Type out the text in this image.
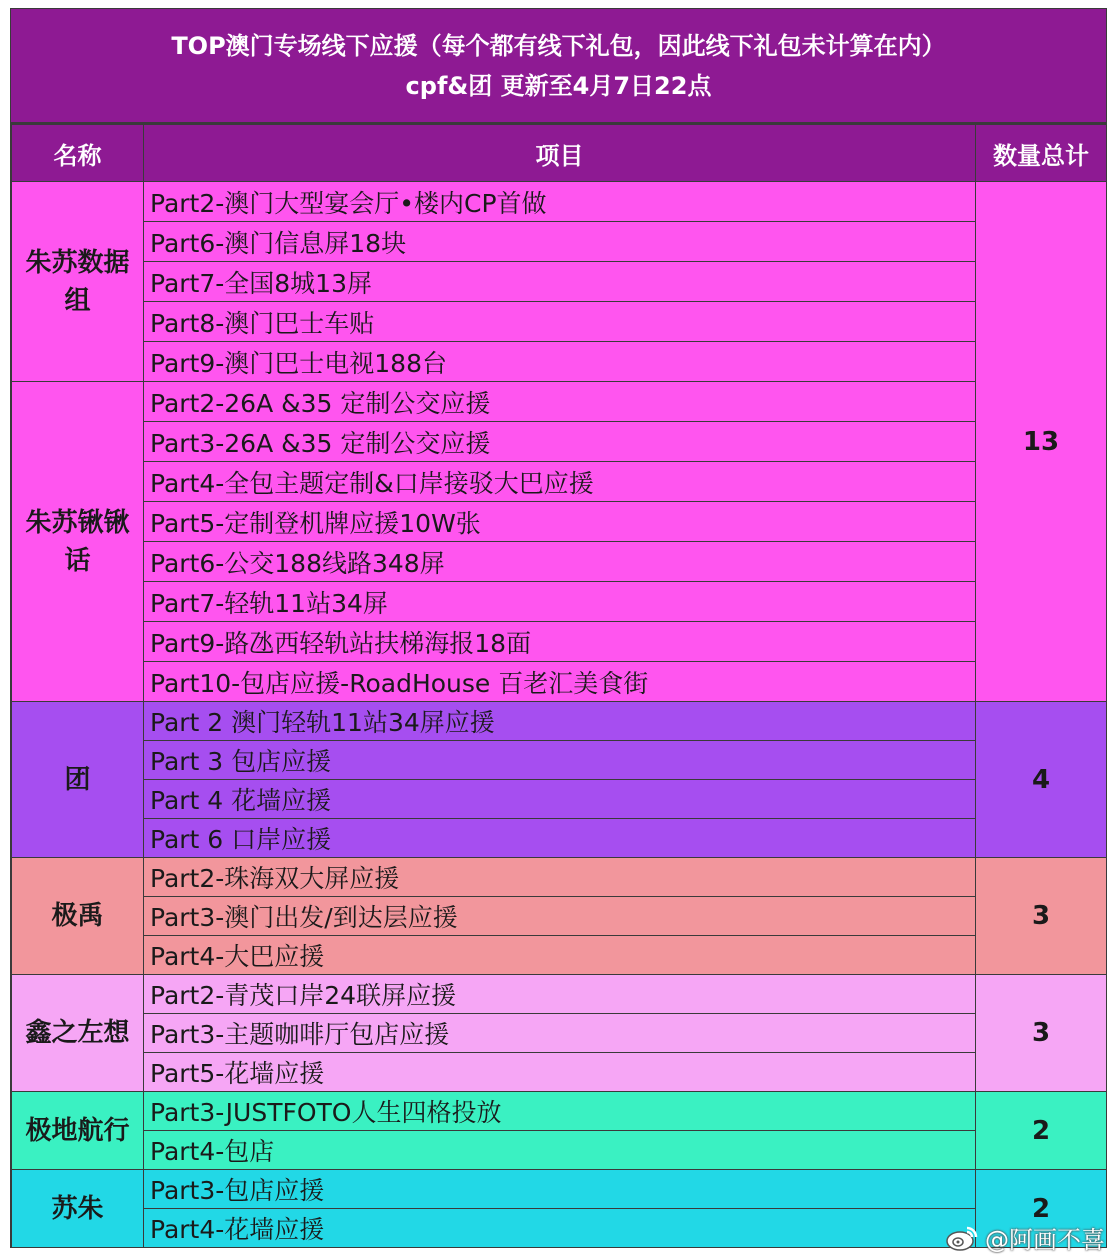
TOP澳门专场线下应援（每个都有线下礼包，因此线下礼包未计算在内）
cpf&团 更新至4月7日22点
名称	项目	数量总计
朱苏数据组	Part2-澳门大型宴会厅•楼内CP首做	13
	Part6-澳门信息屏18块	
	Part7-全国8城13屏	
	Part8-澳门巴士车贴	
	Part9-澳门巴士电视188台	
朱苏锹锹话	Part2-26A &35 定制公交应援	
	Part3-26A &35 定制公交应援	
	Part4-全包主题定制&口岸接驳大巴应援	
	Part5-定制登机牌应援10W张	
	Part6-公交188线路348屏	
	Part7-轻轨11站34屏	
	Part9-路氹西轻轨站扶梯海报18面	
	Part10-包店应援-RoadHouse 百老汇美食街	
团	Part 2 澳门轻轨11站34屏应援	4
	Part 3 包店应援	
	Part 4 花墙应援	
	Part 6 口岸应援	
极禹	Part2-珠海双大屏应援	3
	Part3-澳门出发/到达层应援	
	Part4-大巴应援	
鑫之左想	Part2-青茂口岸24联屏应援	3
	Part3-主题咖啡厅包店应援	
	Part5-花墙应援	
极地航行	Part3-JUSTFOTO人生四格投放	2
	Part4-包店	
苏朱	Part3-包店应援	2
	Part4-花墙应援		@阿画不喜
